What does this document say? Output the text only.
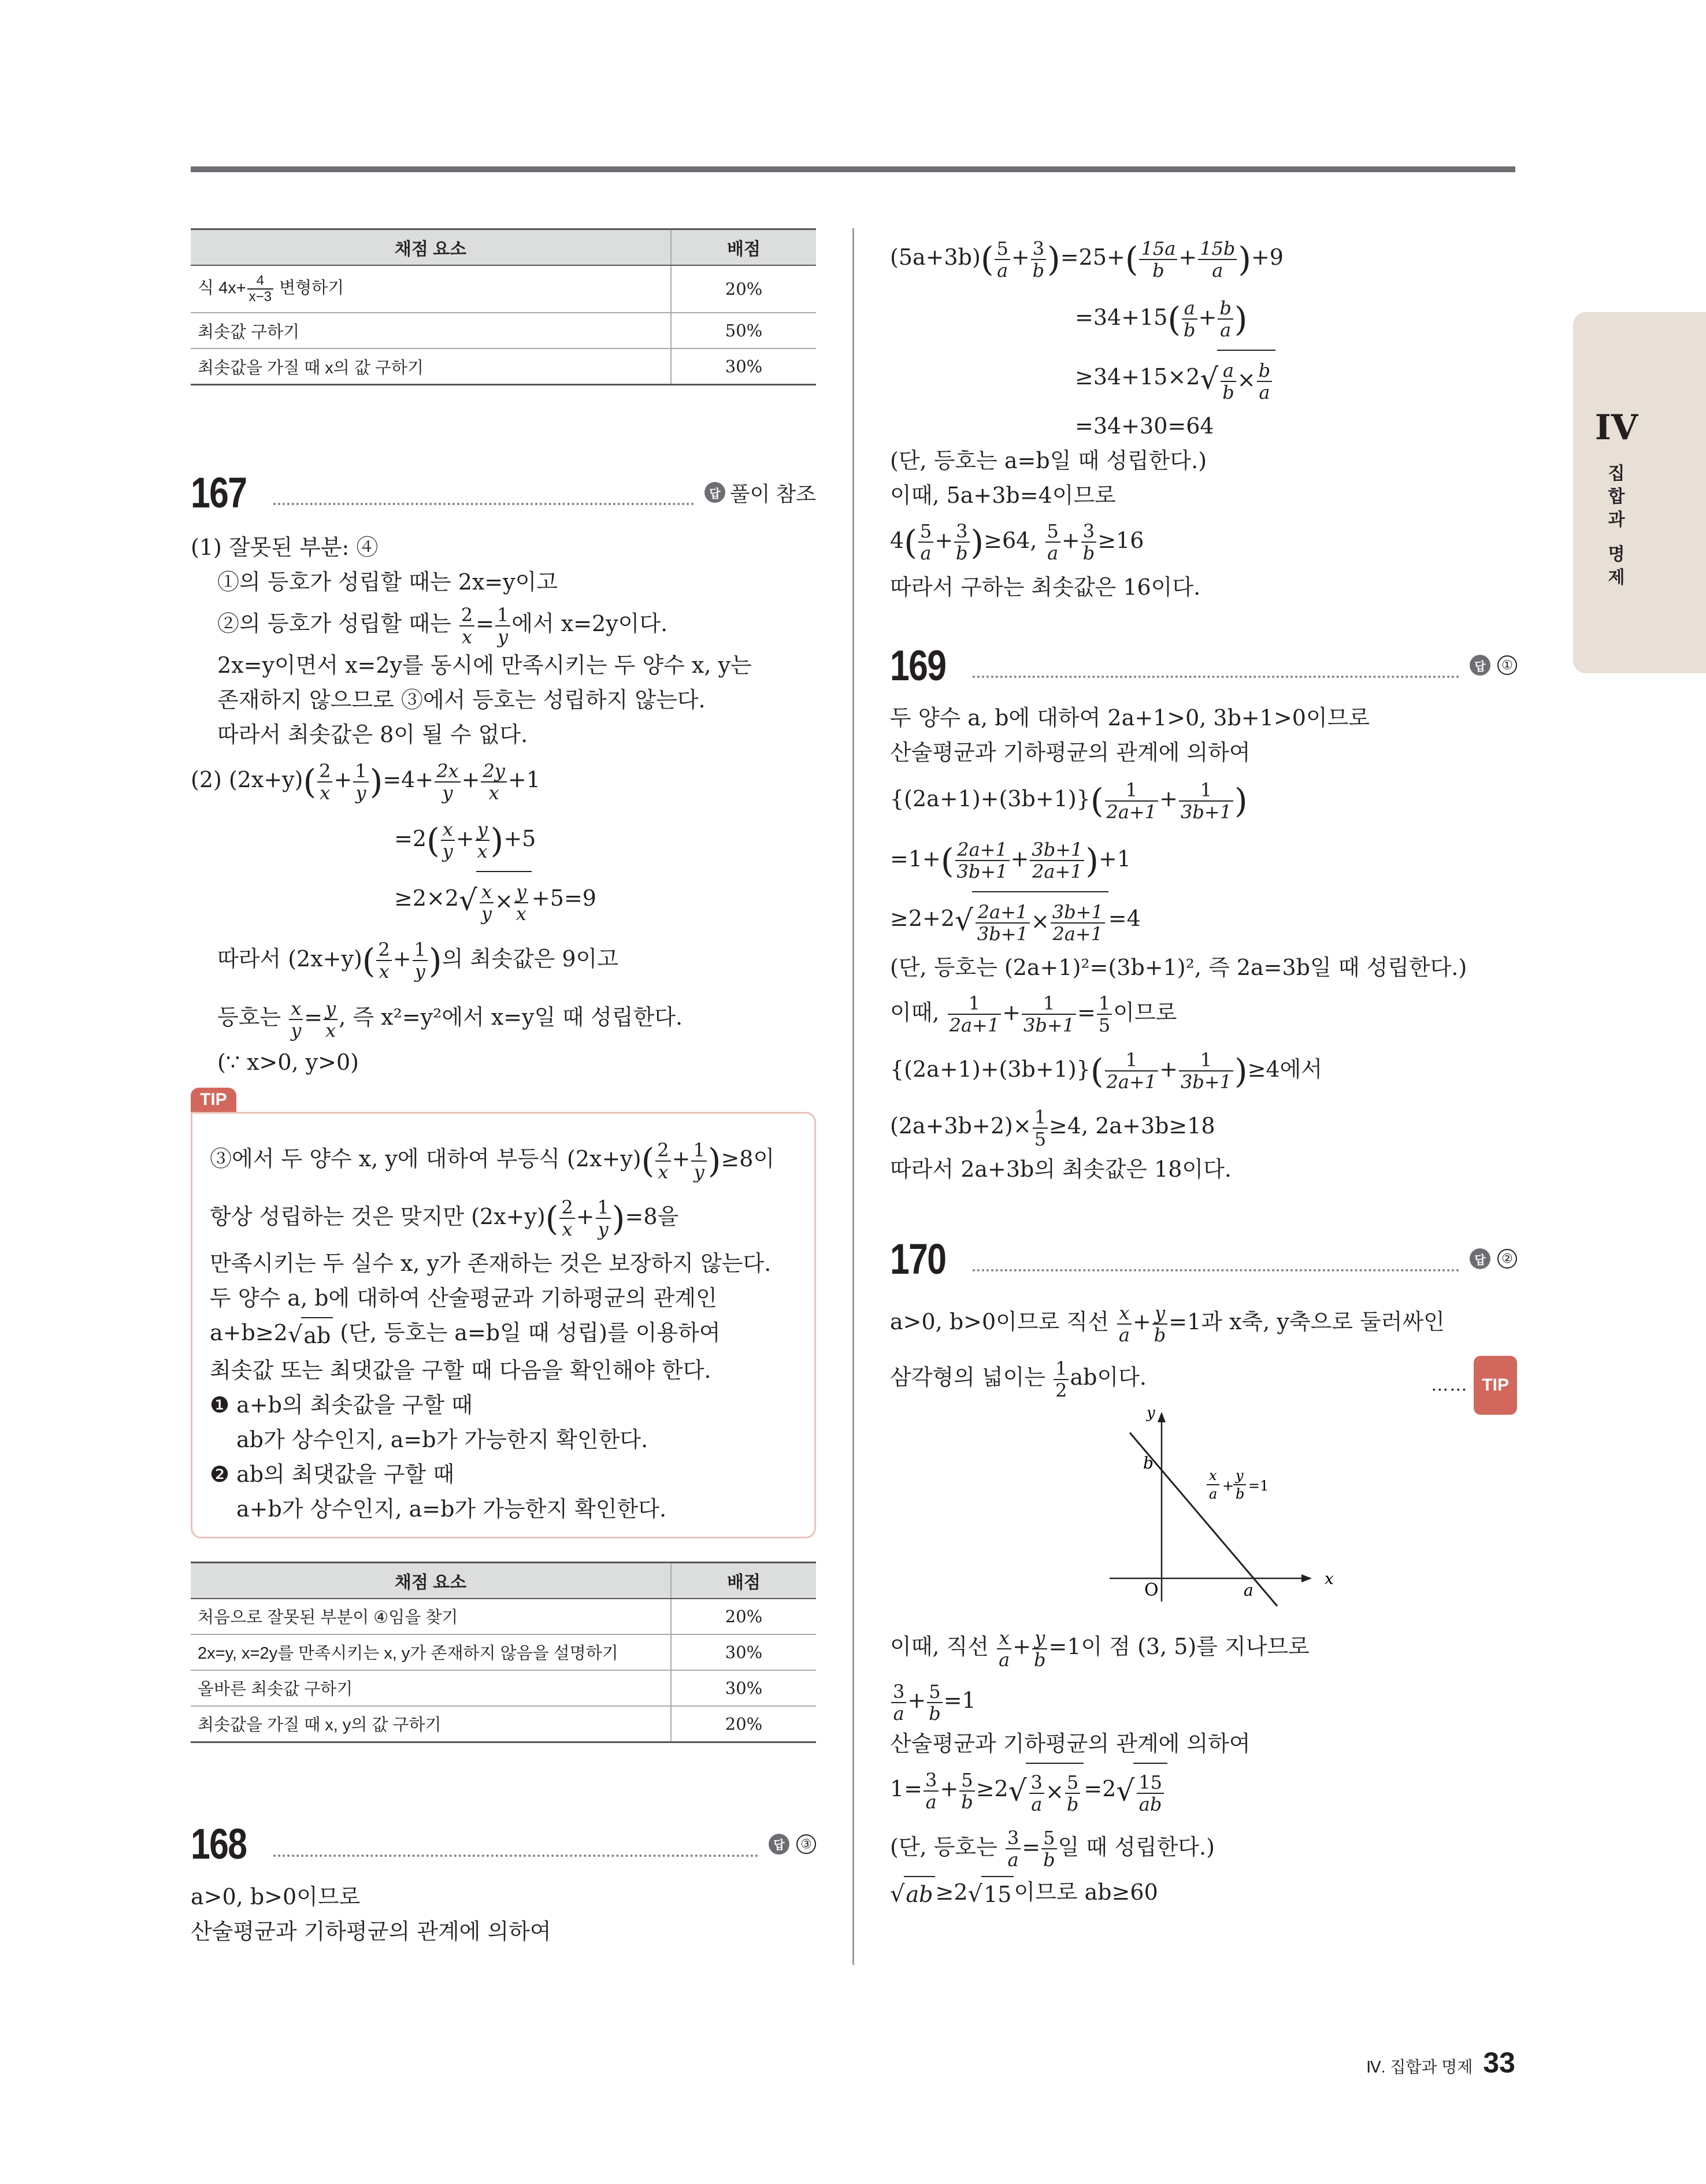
IV
집
합
과
명
제
채점 요소	배점
식 $4x+ \frac{4}{x-3}$ 변형하기	20%
최솟값 구하기	50%
최솟값을 가질 때 x의 값 구하기	30%
167	답 풀이 참조
(1) 잘못된 부분: ④
①의 등호가 성립할 때는 2x=y이고
②의 등호가 성립할 때는 $\frac{2}{x} = \frac{1}{y}$ 에서 x=2y이다.
2x=y이면서 x=2y를 동시에 만족시키는 두 양수 x, y는
존재하지 않으므로 ③에서 등호는 성립하지 않는다.
따라서 최솟값은 8이 될 수 없다.
(2) $(2x+y)( \frac{2}{x} + \frac{1}{y} )=4+ \frac{2x}{y} + \frac{2y}{x} +1$
$=2( \frac{x}{y} + \frac{y}{x} )+5$
$\ge 2\times 2√ \frac{x}{y} \times \frac{y}{x} +5=9$
따라서 $(2x+y)( \frac{2}{x} + \frac{1}{y}$ )의 최솟값은 9이고
등호는 $\frac{x}{y} = \frac{y}{x}$ , 즉 x²=y²에서 x=y일 때 성립한다.
(∵ x>0, y>0)
TIP
③에서 두 양수 x, y에 대하여 부등식 $(2x+y)( \frac{2}{x} + \frac{1}{y} )\ge 8$이
항상 성립하는 것은 맞지만 $(2x+y)( \frac{2}{x} + \frac{1}{y} )=8$을
만족시키는 두 실수 x, y가 존재하는 것은 보장하지 않는다.
두 양수 a, b에 대하여 산술평균과 기하평균의 관계인
a+b≥2√ab (단, 등호는 a=b일 때 성립)를 이용하여
최솟값 또는 최댓값을 구할 때 다음을 확인해야 한다.
❶ a+b의 최솟값을 구할 때
ab가 상수인지, a=b가 가능한지 확인한다.
❷ ab의 최댓값을 구할 때
a+b가 상수인지, a=b가 가능한지 확인한다.
채점 요소	배점
처음으로 잘못된 부분이 ④임을 찾기	20%
2x=y, x=2y를 만족시키는 x, y가 존재하지 않음을 설명하기	30%
올바른 최솟값 구하기	30%
최솟값을 가질 때 x, y의 값 구하기	20%
168	답	③
a>0, b>0이므로
산술평균과 기하평균의 관계에 의하여
$(5a+3b)( \frac{5}{a} + \frac{3}{b} )=25+( \frac{15a}{b} + \frac{15b}{a} )+9$
$=34+15( \frac{a}{b} + \frac{b}{a}$ )
$\ge 34+15\times 2√ \frac{a}{b} \times \frac{b}{a}$
=34+30=64
(단, 등호는 a=b일 때 성립한다.)
이때, 5a+3b=4이므로
$4( \frac{5}{a} + \frac{3}{b} )\ge 64$, $\frac{5}{a} + \frac{3}{b} \ge 16$
따라서 구하는 최솟값은 16이다.
169	답	①
두 양수 a, b에 대하여 2a+1>0, 3b+1>0이므로
산술평균과 기하평균의 관계에 의하여
$\{(2a+1)+(3b+1)\}( \frac{1}{2a+1} + \frac{1}{3b+1}$ )
$=1+( \frac{2a+1}{3b+1} + \frac{3b+1}{2a+1} )+1$
$\ge 2+2√ \frac{2a+1}{3b+1} \times \frac{3b+1}{2a+1} =4$
(단, 등호는 (2a+1)²=(3b+1)², 즉 2a=3b일 때 성립한다.)
이때, $\frac{1}{2a+1} + \frac{1}{3b+1} = \frac{1}{5}$ 이므로
$\{(2a+1)+(3b+1)\}( \frac{1}{2a+1} + \frac{1}{3b+1} )\ge 4$에서
$(2a+3b+2)\times \frac{1}{5} \ge 4$, 2a+3b≥18
따라서 2a+3b의 최솟값은 18이다.
170	답	②
a>0, b>0이므로 직선 $\frac{x}{a} + \frac{y}{b} =1$과 x축, y축으로 둘러싸인
삼각형의 넓이는 $\frac{1}{2}$ ab이다.	…… TIP
y
x
O	a
b
x
a +
y
b =1
이때, 직선 $\frac{x}{a} + \frac{y}{b} =1$이 점 (3, 5)를 지나므로
$\frac{3}{a} + \frac{5}{b} =1$
산술평균과 기하평균의 관계에 의하여
$1= \frac{3}{a} + \frac{5}{b} \ge 2√ \frac{3}{a} \times \frac{5}{b} =2√ \frac{15}{ab}$
(단, 등호는 $\frac{3}{a} = \frac{5}{b}$ 일 때 성립한다.)
√ab ≥2√15 이므로 ab≥60
Ⅳ. 집합과 명제 33
